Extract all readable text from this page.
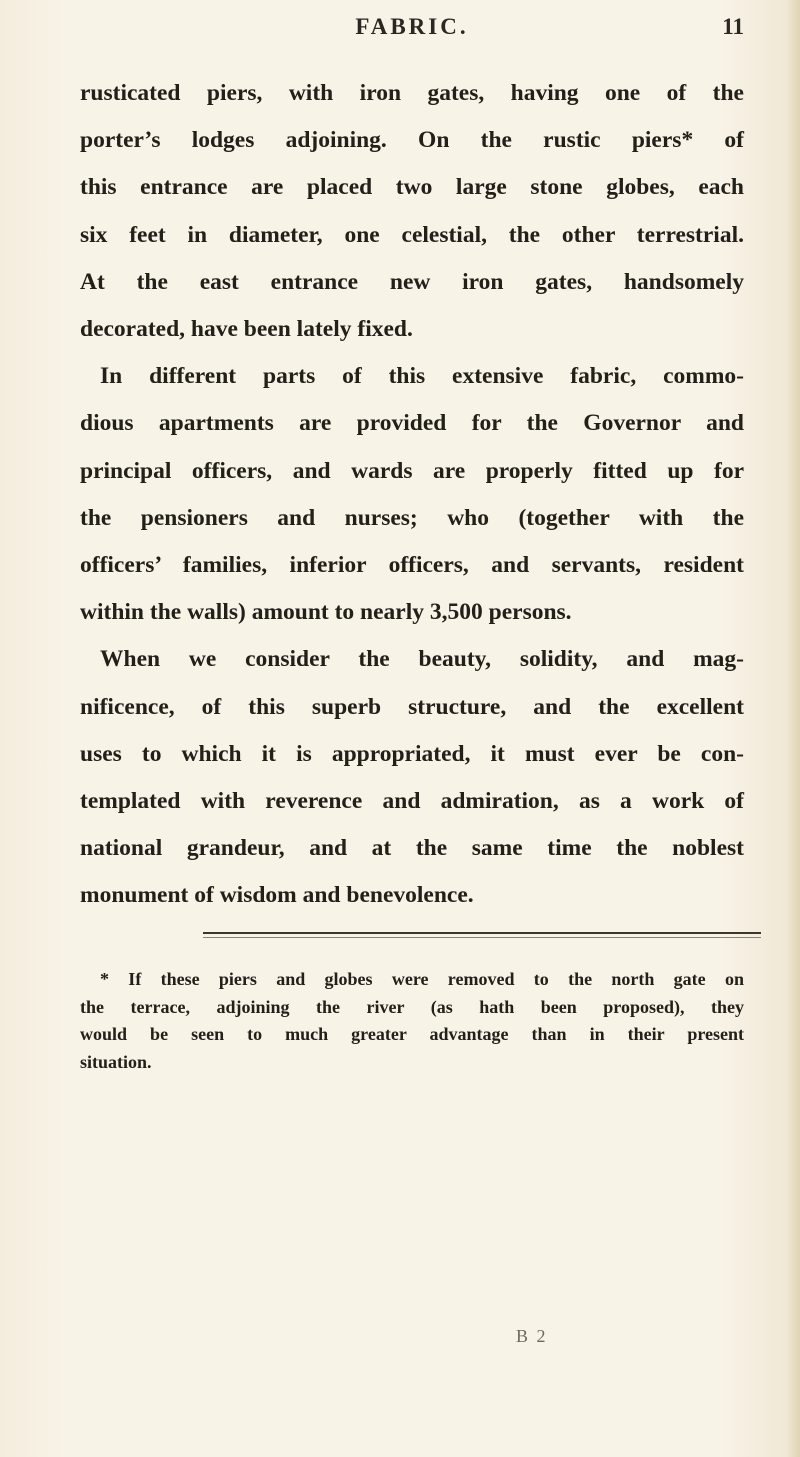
FABRIC.	11
rusticated piers, with iron gates, having one of the
porter’s lodges adjoining. On the rustic piers* of
this entrance are placed two large stone globes, each
six feet in diameter, one celestial, the other terrestrial.
At the east entrance new iron gates, handsomely
decorated, have been lately fixed.
In different parts of this extensive fabric, commo-
dious apartments are provided for the Governor and
principal officers, and wards are properly fitted up for
the pensioners and nurses; who (together with the
officers’ families, inferior officers, and servants, resident
within the walls) amount to nearly 3,500 persons.
When we consider the beauty, solidity, and mag-
nificence, of this superb structure, and the excellent
uses to which it is appropriated, it must ever be con-
templated with reverence and admiration, as a work of
national grandeur, and at the same time the noblest
monument of wisdom and benevolence.
* If these piers and globes were removed to the north gate on
the terrace, adjoining the river (as hath been proposed), they
would be seen to much greater advantage than in their present
situation.
B 2
